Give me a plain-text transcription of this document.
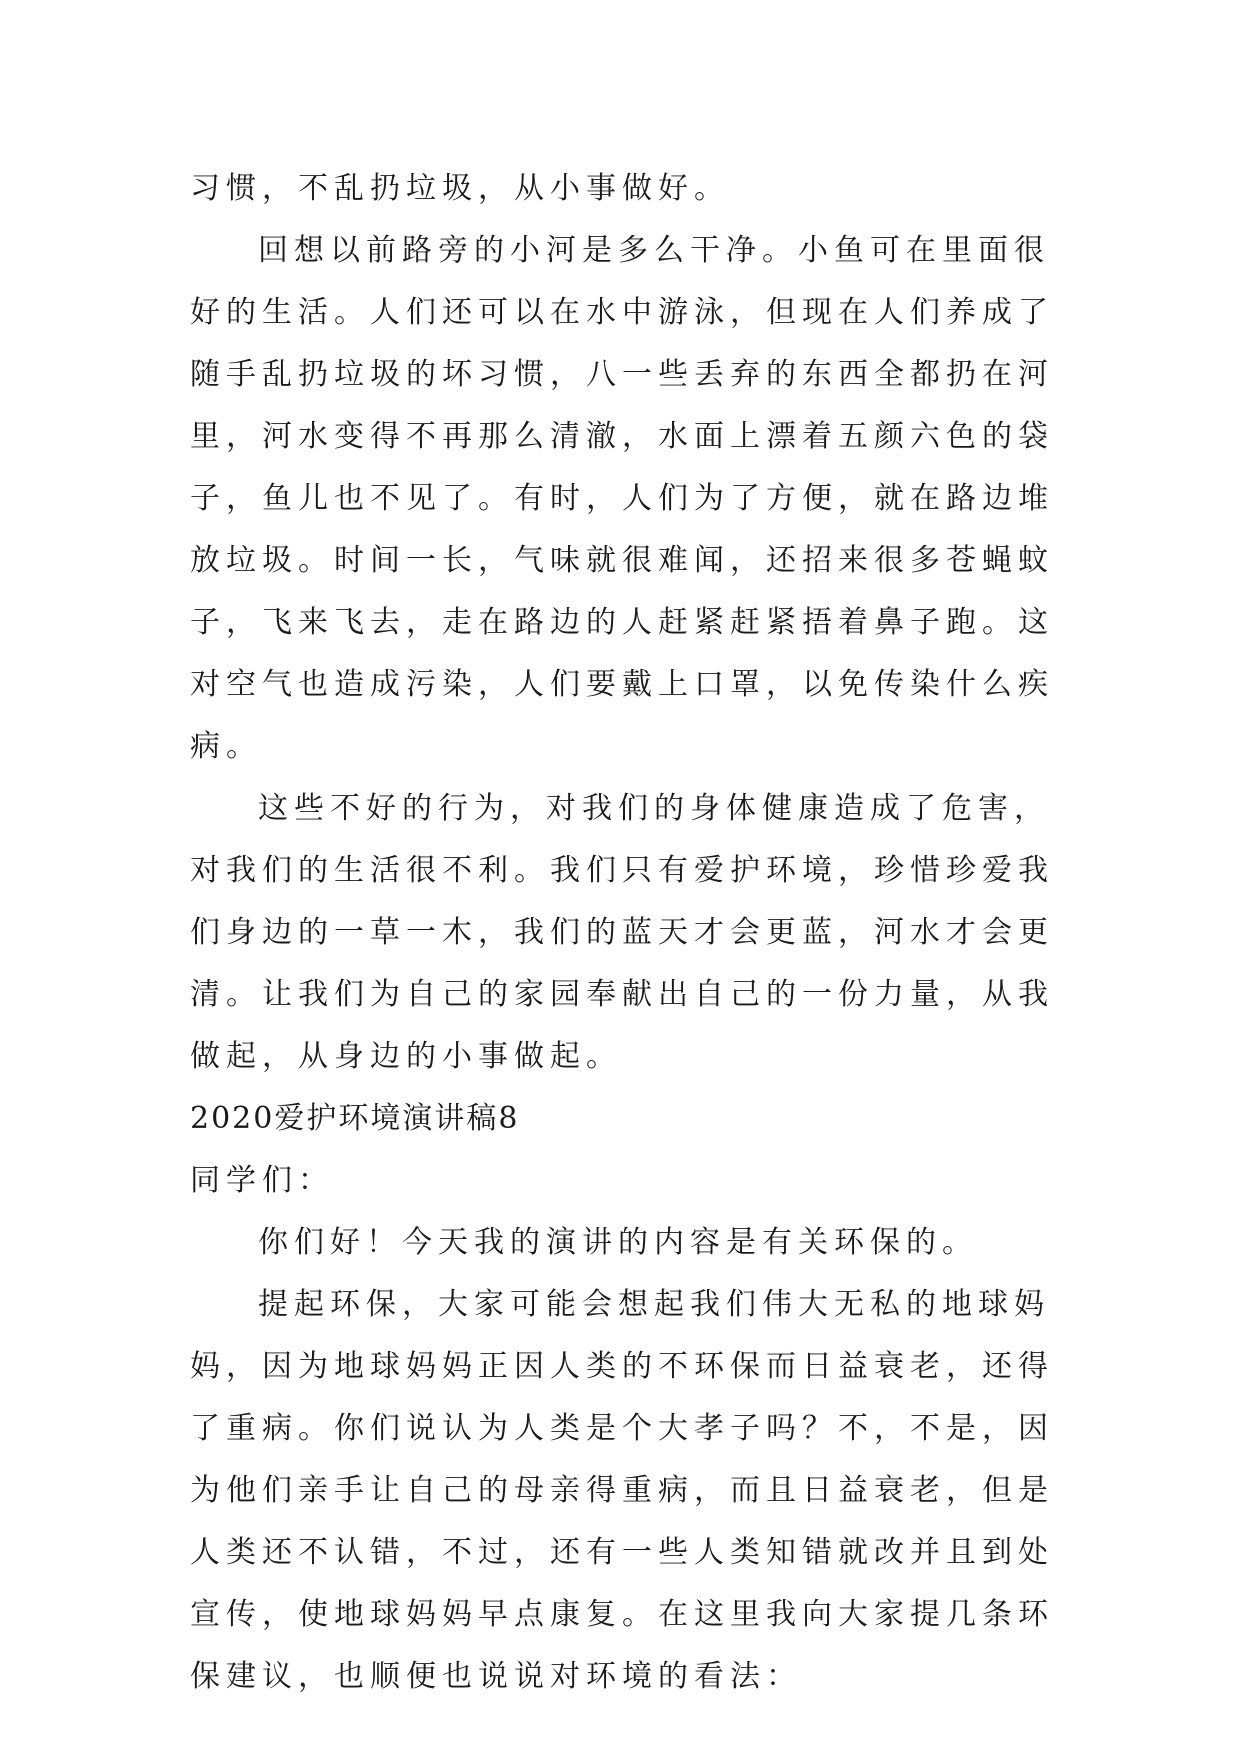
习惯，不乱扔垃圾，从小事做好。

回想以前路旁的小河是多么干净。小鱼可在里面很好的生活。人们还可以在水中游泳，但现在人们养成了随手乱扔垃圾的坏习惯，八一些丢弃的东西全都扔在河里，河水变得不再那么清澈，水面上漂着五颜六色的袋子，鱼儿也不见了。有时，人们为了方便，就在路边堆放垃圾。时间一长，气味就很难闻，还招来很多苍蝇蚊子，飞来飞去，走在路边的人赶紧赶紧捂着鼻子跑。这对空气也造成污染，人们要戴上口罩，以免传染什么疾病。

这些不好的行为，对我们的身体健康造成了危害，对我们的生活很不利。我们只有爱护环境，珍惜珍爱我们身边的一草一木，我们的蓝天才会更蓝，河水才会更清。让我们为自己的家园奉献出自己的一份力量，从我做起，从身边的小事做起。

2020爱护环境演讲稿8

同学们：

你们好！今天我的演讲的内容是有关环保的。

提起环保，大家可能会想起我们伟大无私的地球妈妈，因为地球妈妈正因人类的不环保而日益衰老，还得了重病。你们说认为人类是个大孝子吗？不，不是，因为他们亲手让自己的母亲得重病，而且日益衰老，但是人类还不认错，不过，还有一些人类知错就改并且到处宣传，使地球妈妈早点康复。在这里我向大家提几条环保建议，也顺便也说说对环境的看法：
